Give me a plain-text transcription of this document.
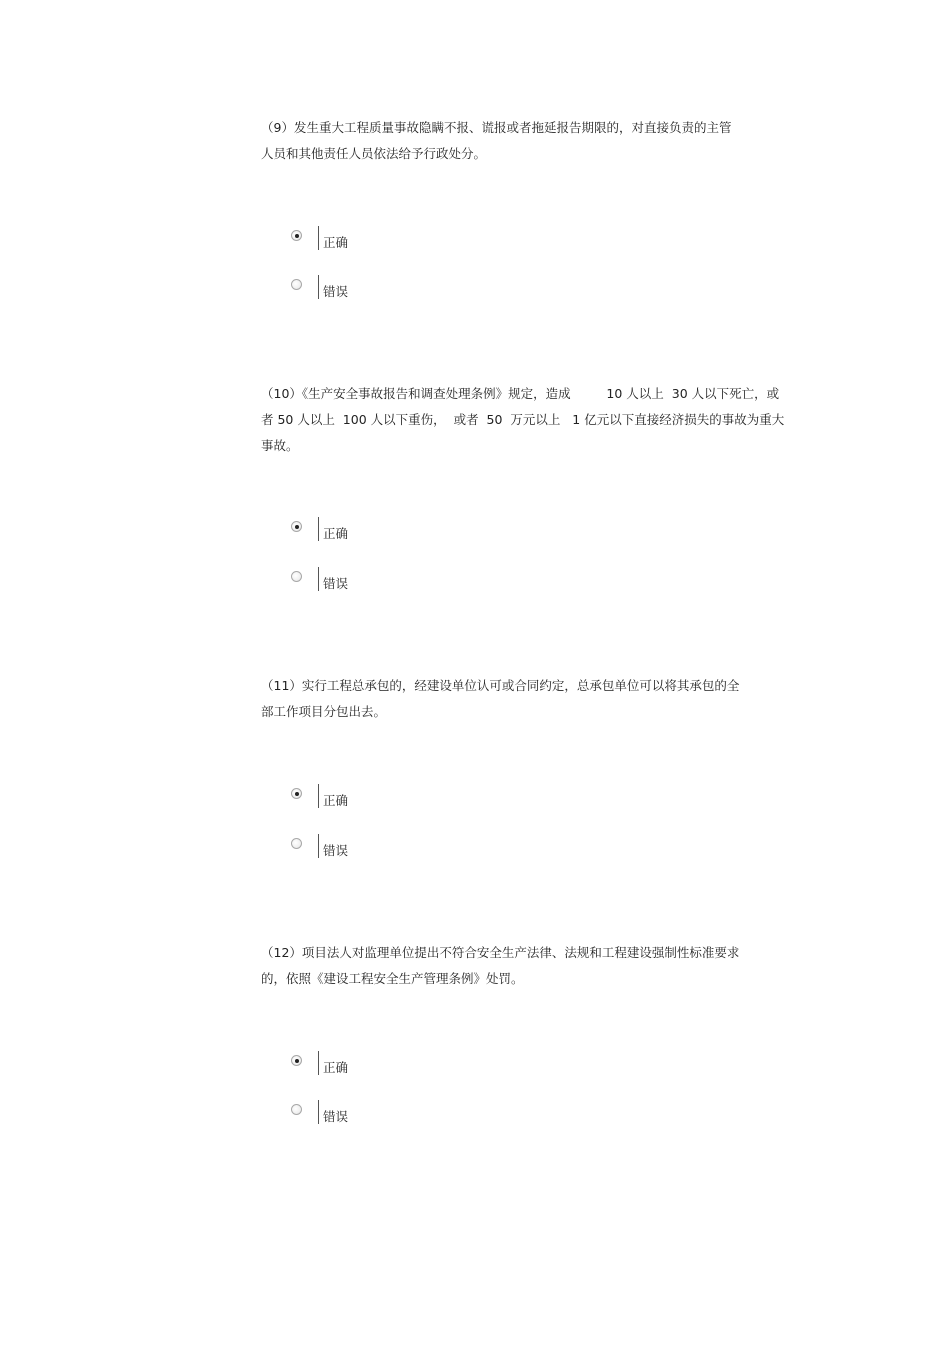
（9）发生重大工程质量事故隐瞒不报、谎报或者拖延报告期限的，对直接负责的主管
人员和其他责任人员依法给予行政处分。

正确
错误

（10）《生产安全事故报告和调查处理条例》规定，造成         10 人以上  30 人以下死亡，或
者 50 人以上  100 人以下重伤，  或者  50  万元以上   1 亿元以下直接经济损失的事故为重大
事故。

正确
错误

（11）实行工程总承包的，经建设单位认可或合同约定，总承包单位可以将其承包的全
部工作项目分包出去。

正确
错误

（12）项目法人对监理单位提出不符合安全生产法律、法规和工程建设强制性标准要求
的，依照《建设工程安全生产管理条例》处罚。

正确
错误
